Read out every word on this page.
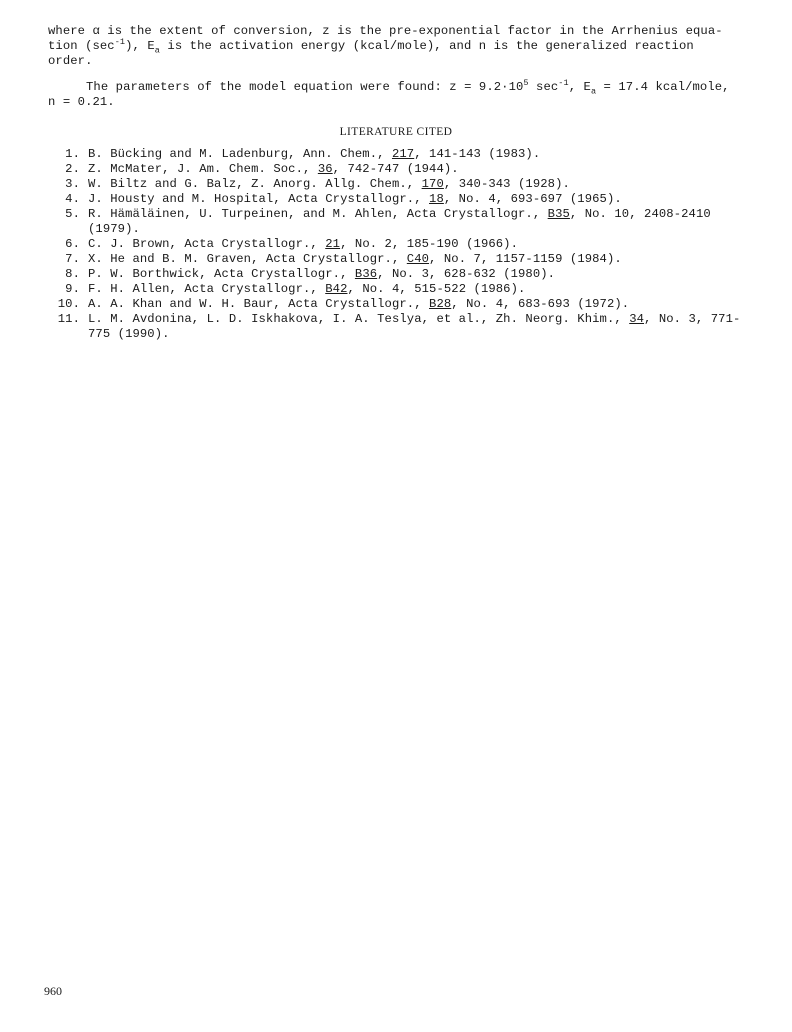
where α is the extent of conversion, z is the pre-exponential factor in the Arrhenius equa-
tion $(\sec^{-1})$, $E_a$ is the activation energy (kcal/mole), and n is the generalized reaction
order.
The parameters of the model equation were found: $z = 9.2\cdot 10^5$ $\sec^{-1}$, $E_a = 17.4$ kcal/mole,
n = 0.21.
LITERATURE CITED
1. B. Bücking and M. Ladenburg, Ann. Chem., 217, 141-143 (1983).
2. Z. McMater, J. Am. Chem. Soc., 36, 742-747 (1944).
3. W. Biltz and G. Balz, Z. Anorg. Allg. Chem., 170, 340-343 (1928).
4. J. Housty and M. Hospital, Acta Crystallogr., 18, No. 4, 693-697 (1965).
5. R. Hämäläinen, U. Turpeinen, and M. Ahlen, Acta Crystallogr., B35, No. 10, 2408-2410 (1979).
6. C. J. Brown, Acta Crystallogr., 21, No. 2, 185-190 (1966).
7. X. He and B. M. Graven, Acta Crystallogr., C40, No. 7, 1157-1159 (1984).
8. P. W. Borthwick, Acta Crystallogr., B36, No. 3, 628-632 (1980).
9. F. H. Allen, Acta Crystallogr., B42, No. 4, 515-522 (1986).
10. A. A. Khan and W. H. Baur, Acta Crystallogr., B28, No. 4, 683-693 (1972).
11. L. M. Avdonina, L. D. Iskhakova, I. A. Teslya, et al., Zh. Neorg. Khim., 34, No. 3, 771-775 (1990).
960
